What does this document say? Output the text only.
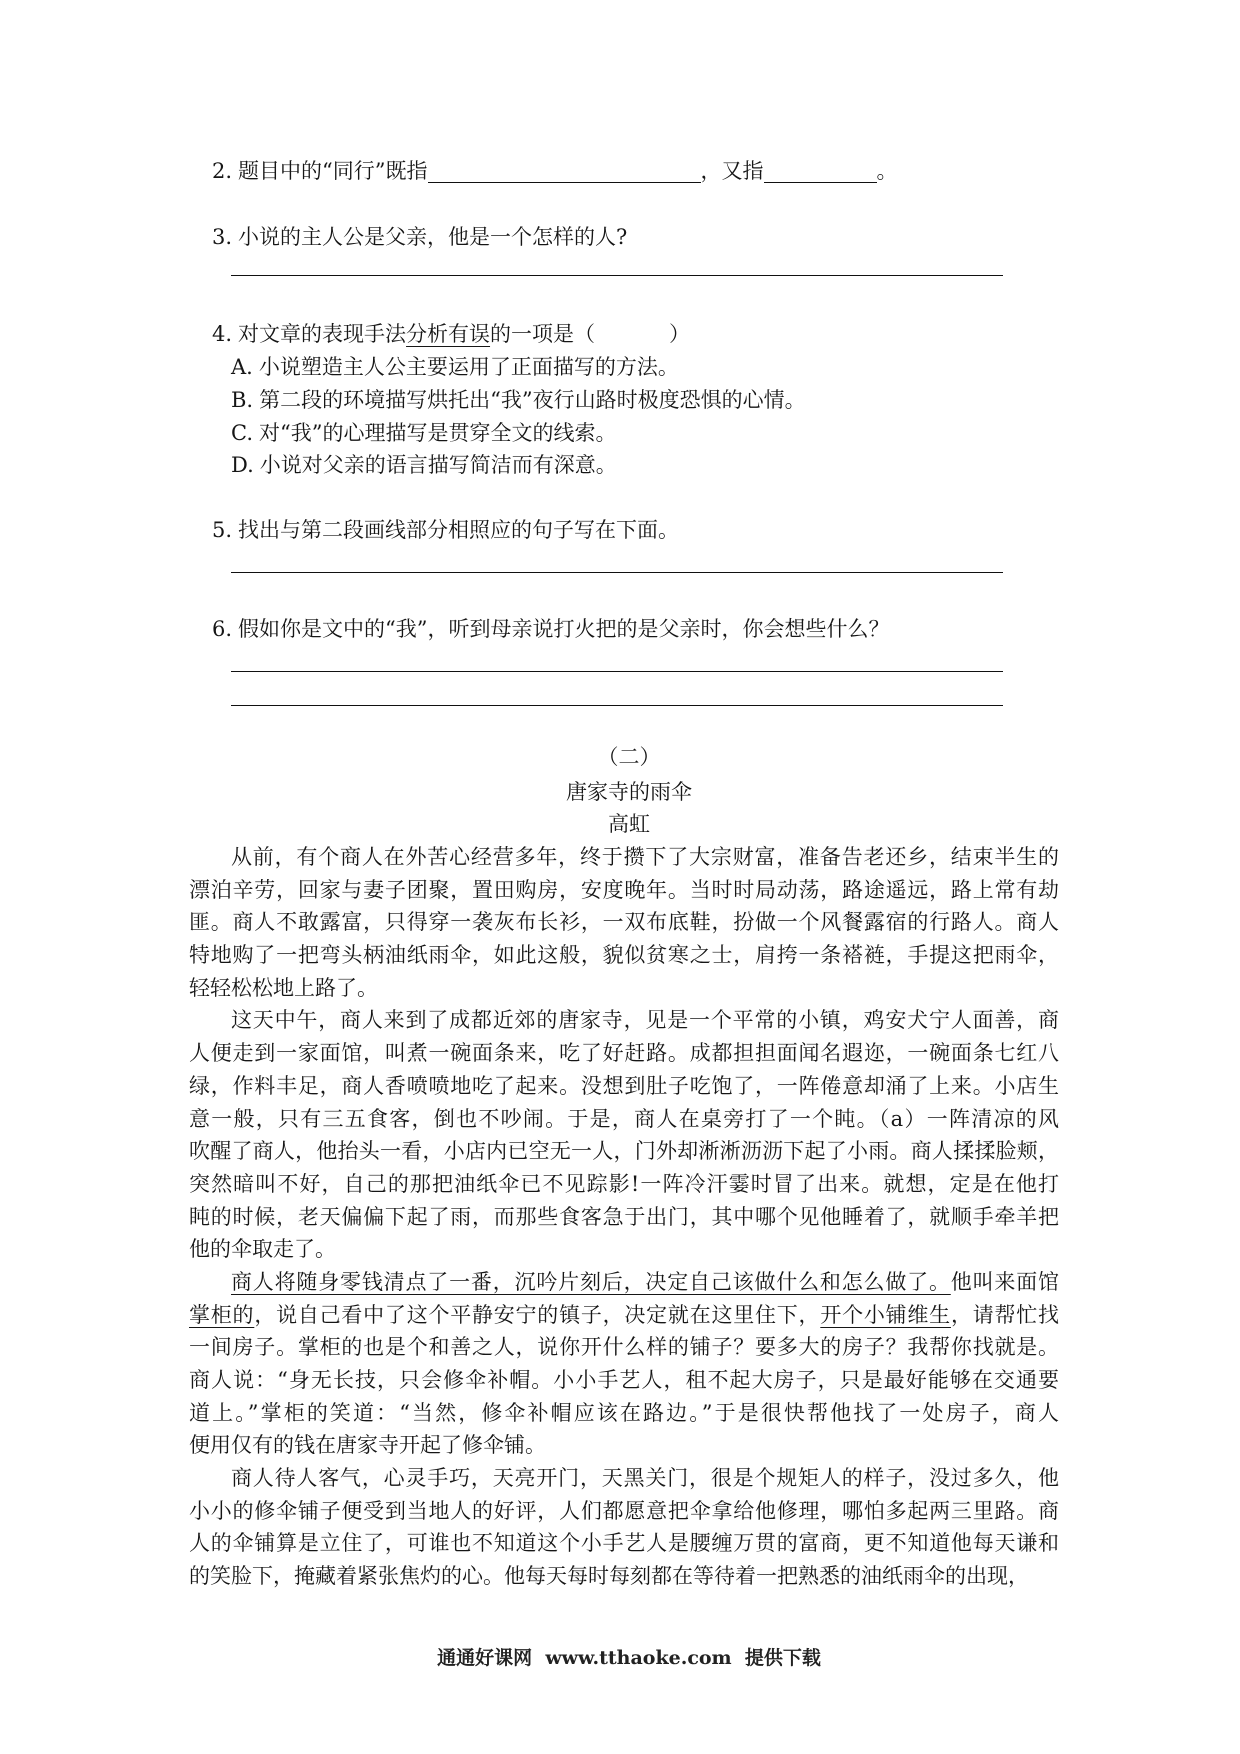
2. 题目中的“同行”既指	，又指	。
3. 小说的主人公是父亲，他是一个怎样的人?
4. 对文章的表现手法分析有误的一项是（	）
A. 小说塑造主人公主要运用了正面描写的方法。
B. 第二段的环境描写烘托出“我”夜行山路时极度恐惧的心情。
C. 对“我”的心理描写是贯穿全文的线索。
D. 小说对父亲的语言描写简洁而有深意。
5. 找出与第二段画线部分相照应的句子写在下面。
6. 假如你是文中的“我”，听到母亲说打火把的是父亲时，你会想些什么？
（二）
唐家寺的雨伞
高虹
从前，有个商人在外苦心经营多年，终于攒下了大宗财富，准备告老还乡，结束半生的
漂泊辛劳，回家与妻子团聚，置田购房，安度晚年。当时时局动荡，路途遥远，路上常有劫
匪。商人不敢露富，只得穿一袭灰布长衫，一双布底鞋，扮做一个风餐露宿的行路人。商人
特地购了一把弯头柄油纸雨伞，如此这般，貌似贫寒之士，肩挎一条褡裢，手提这把雨伞，
轻轻松松地上路了。
这天中午，商人来到了成都近郊的唐家寺，见是一个平常的小镇，鸡安犬宁人面善，商
人便走到一家面馆，叫煮一碗面条来，吃了好赶路。成都担担面闻名遐迩，一碗面条七红八
绿，作料丰足，商人香喷喷地吃了起来。没想到肚子吃饱了，一阵倦意却涌了上来。小店生
意一般，只有三五食客，倒也不吵闹。于是，商人在桌旁打了一个盹。（a）一阵清凉的风
吹醒了商人，他抬头一看，小店内已空无一人，门外却淅淅沥沥下起了小雨。商人揉揉脸颊，
突然暗叫不好，自己的那把油纸伞已不见踪影!一阵冷汗霎时冒了出来。就想，定是在他打
盹的时候，老天偏偏下起了雨，而那些食客急于出门，其中哪个见他睡着了，就顺手牵羊把
他的伞取走了。
商人将随身零钱清点了一番，沉吟片刻后，决定自己该做什么和怎么做了。他叫来面馆
掌柜的，说自己看中了这个平静安宁的镇子，决定就在这里住下，开个小铺维生，请帮忙找
一间房子。掌柜的也是个和善之人，说你开什么样的铺子？要多大的房子？我帮你找就是。
商人说：“身无长技，只会修伞补帽。小小手艺人，租不起大房子，只是最好能够在交通要
道上。”掌柜的笑道：“当然，修伞补帽应该在路边。”于是很快帮他找了一处房子，商人
便用仅有的钱在唐家寺开起了修伞铺。
商人待人客气，心灵手巧，天亮开门，天黑关门，很是个规矩人的样子，没过多久，他
小小的修伞铺子便受到当地人的好评，人们都愿意把伞拿给他修理，哪怕多起两三里路。商
人的伞铺算是立住了，可谁也不知道这个小手艺人是腰缠万贯的富商，更不知道他每天谦和
的笑脸下，掩藏着紧张焦灼的心。他每天每时每刻都在等待着一把熟悉的油纸雨伞的出现，
通通好课网  www.tthaoke.com  提供下载
